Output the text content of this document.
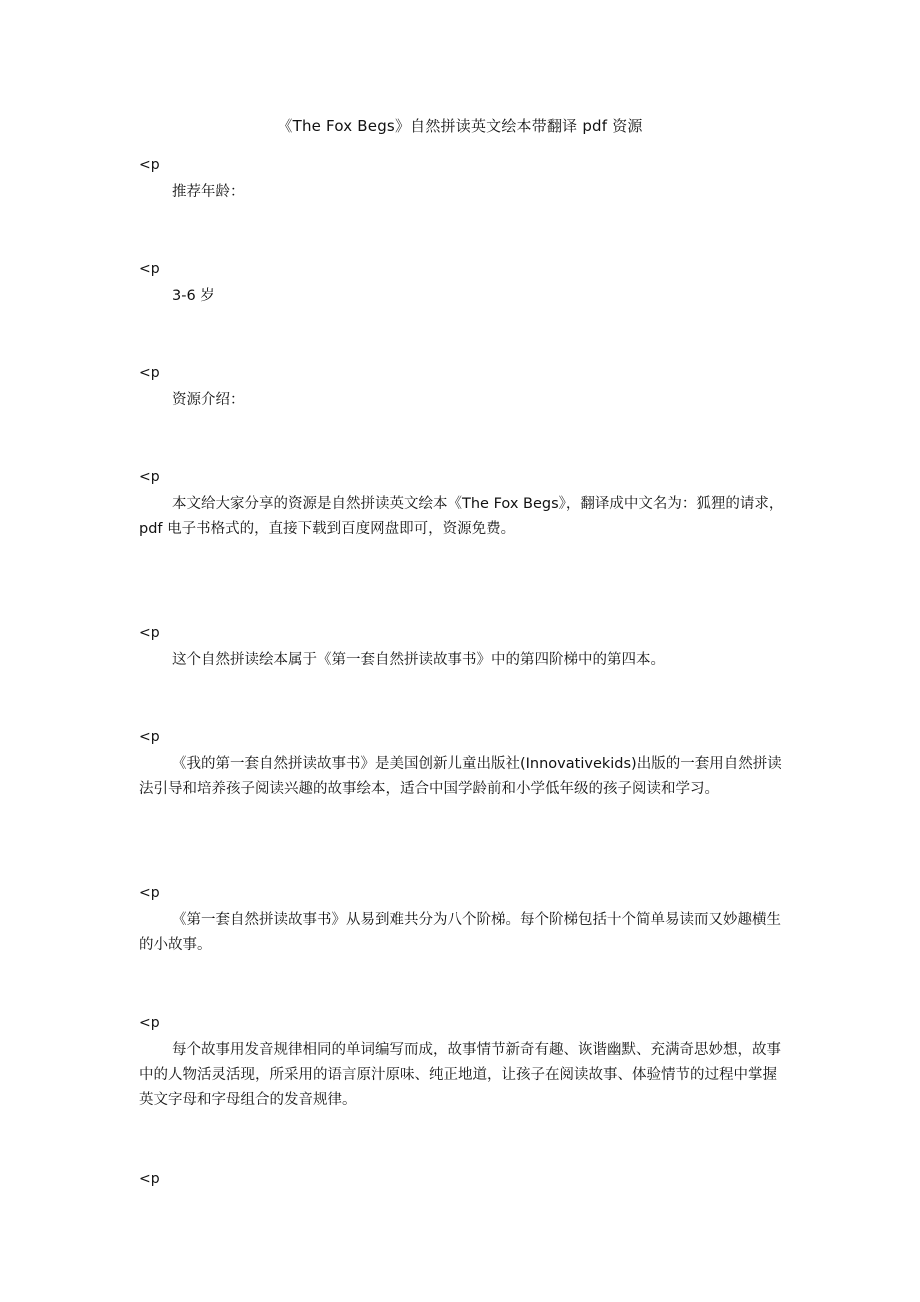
《The Fox Begs》自然拼读英文绘本带翻译 pdf 资源
<p
推荐年龄：
<p
3-6 岁
<p
资源介绍：
<p
本文给大家分享的资源是自然拼读英文绘本《The Fox Begs》，翻译成中文名为：狐狸的请求，pdf 电子书格式的，直接下载到百度网盘即可，资源免费。
<p
这个自然拼读绘本属于《第一套自然拼读故事书》中的第四阶梯中的第四本。
<p
《我的第一套自然拼读故事书》是美国创新儿童出版社(Innovativekids)出版的一套用自然拼读法引导和培养孩子阅读兴趣的故事绘本，适合中国学龄前和小学低年级的孩子阅读和学习。
<p
《第一套自然拼读故事书》从易到难共分为八个阶梯。每个阶梯包括十个简单易读而又妙趣横生的小故事。
<p
每个故事用发音规律相同的单词编写而成，故事情节新奇有趣、诙谐幽默、充满奇思妙想，故事中的人物活灵活现，所采用的语言原汁原味、纯正地道，让孩子在阅读故事、体验情节的过程中掌握英文字母和字母组合的发音规律。
<p
